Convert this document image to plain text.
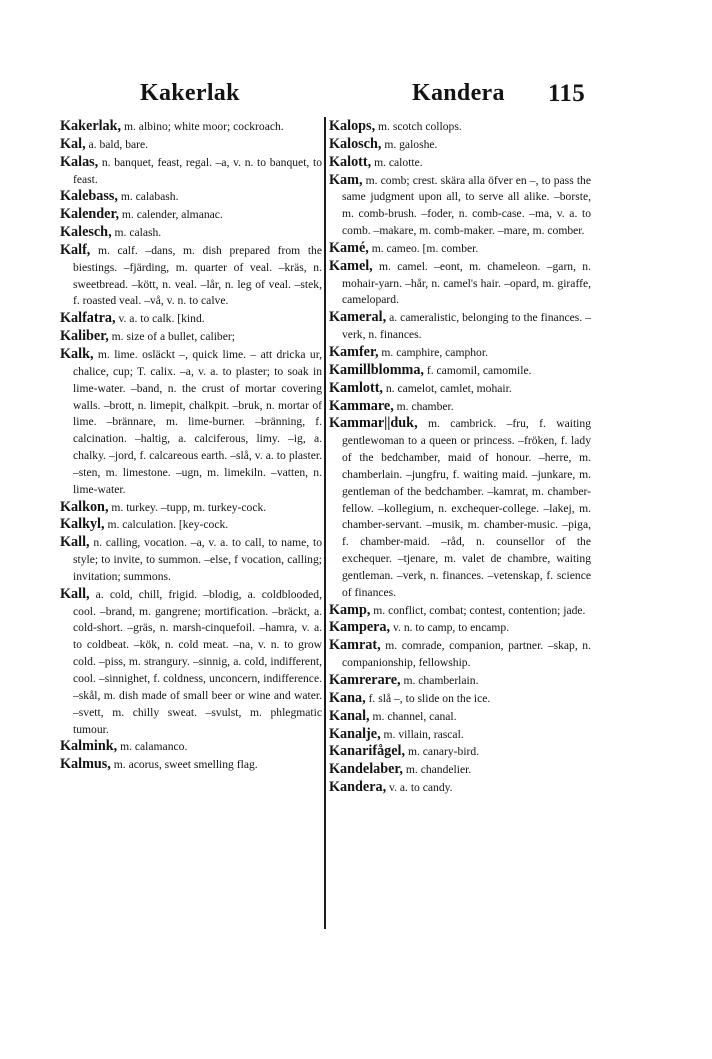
Kakerlak	Kandera 115

Kakerlak, m. albino; white moor; cockroach.

Kal, a. bald, bare.

Kalas, n. banquet, feast, regal. –a, v. n. to banquet, to feast.

Kalebass, m. calabash.

Kalender, m. calender, almanac.

Kalesch, m. calash.

Kalf, m. calf. –dans, m. dish prepared from the biestings. –fjärding, m. quarter of veal. –kräs, n. sweetbread. –kött, n. veal. –lår, n. leg of veal. –stek, f. roasted veal. –vå, v. n. to calve.

Kalfatra, v. a. to calk. [kind.

Kaliber, m. size of a bullet, caliber;

Kalk, m. lime. osläckt –, quick lime. – att dricka ur, chalice, cup; T. calix. –a, v. a. to plaster; to soak in lime-water. –band, n. the crust of mortar covering walls. –brott, n. limepit, chalkpit. –bruk, n. mortar of lime. –brännare, m. lime-burner. –bränning, f. calcination. –haltig, a. calciferous, limy. –ig, a. chalky. –jord, f. calcareous earth. –slå, v. a. to plaster. –sten, m. limestone. –ugn, m. limekiln. –vatten, n. lime-water.

Kalkon, m. turkey. –tupp, m. turkey-cock.

Kalkyl, m. calculation. [key-cock.

Kall, n. calling, vocation. –a, v. a. to call, to name, to style; to invite, to summon. –else, f vocation, calling; invitation; summons.

Kall, a. cold, chill, frigid. –blodig, a. coldblooded, cool. –brand, m. gangrene; mortification. –bräckt, a. cold-short. –gräs, n. marsh-cinquefoil. –hamra, v. a. to coldbeat. –kök, n. cold meat. –na, v. n. to grow cold. –piss, m. strangury. –sinnig, a. cold, indifferent, cool. –sinnighet, f. coldness, unconcern, indifference. –skål, m. dish made of small beer or wine and water. –svett, m. chilly sweat. –svulst, m. phlegmatic tumour.

Kalmink, m. calamanco.

Kalmus, m. acorus, sweet smelling flag.

Kalops, m. scotch collops.

Kalosch, m. galoshe.

Kalott, m. calotte.

Kam, m. comb; crest. skära alla öfver en –, to pass the same judgment upon all, to serve all alike. –borste, m. comb-brush. –foder, n. comb-case. –ma, v. a. to comb. –makare, m. comb-maker. –mare, m. comber.

Kamé, m. cameo. [m. comber.

Kamel, m. camel. –eont, m. chameleon. –garn, n. mohair-yarn. –hår, n. camel's hair. –opard, m. giraffe, camelopard.

Kameral, a. cameralistic, belonging to the finances. –verk, n. finances.

Kamfer, m. camphire, camphor.

Kamillblomma, f. camomil, camomile.

Kamlott, n. camelot, camlet, mohair.

Kammare, m. chamber.

Kammar||duk, m. cambrick. –fru, f. waiting gentlewoman to a queen or princess. –fröken, f. lady of the bedchamber, maid of honour. –herre, m. chamberlain. –jungfru, f. waiting maid. –junkare, m. gentleman of the bedchamber. –kamrat, m. chamber-fellow. –kollegium, n. exchequer-college. –lakej, m. chamber-servant. –musik, m. chamber-music. –piga, f. chamber-maid. –råd, n. counsellor of the exchequer. –tjenare, m. valet de chambre, waiting gentleman. –verk, n. finances. –vetenskap, f. science of finances.

Kamp, m. conflict, combat; contest, contention; jade.

Kampera, v. n. to camp, to encamp.

Kamrat, m. comrade, companion, partner. –skap, n. companionship, fellowship.

Kamrerare, m. chamberlain.

Kana, f. slå –, to slide on the ice.

Kanal, m. channel, canal.

Kanalje, m. villain, rascal.

Kanarifågel, m. canary-bird.

Kandelaber, m. chandelier.

Kandera, v. a. to candy.
